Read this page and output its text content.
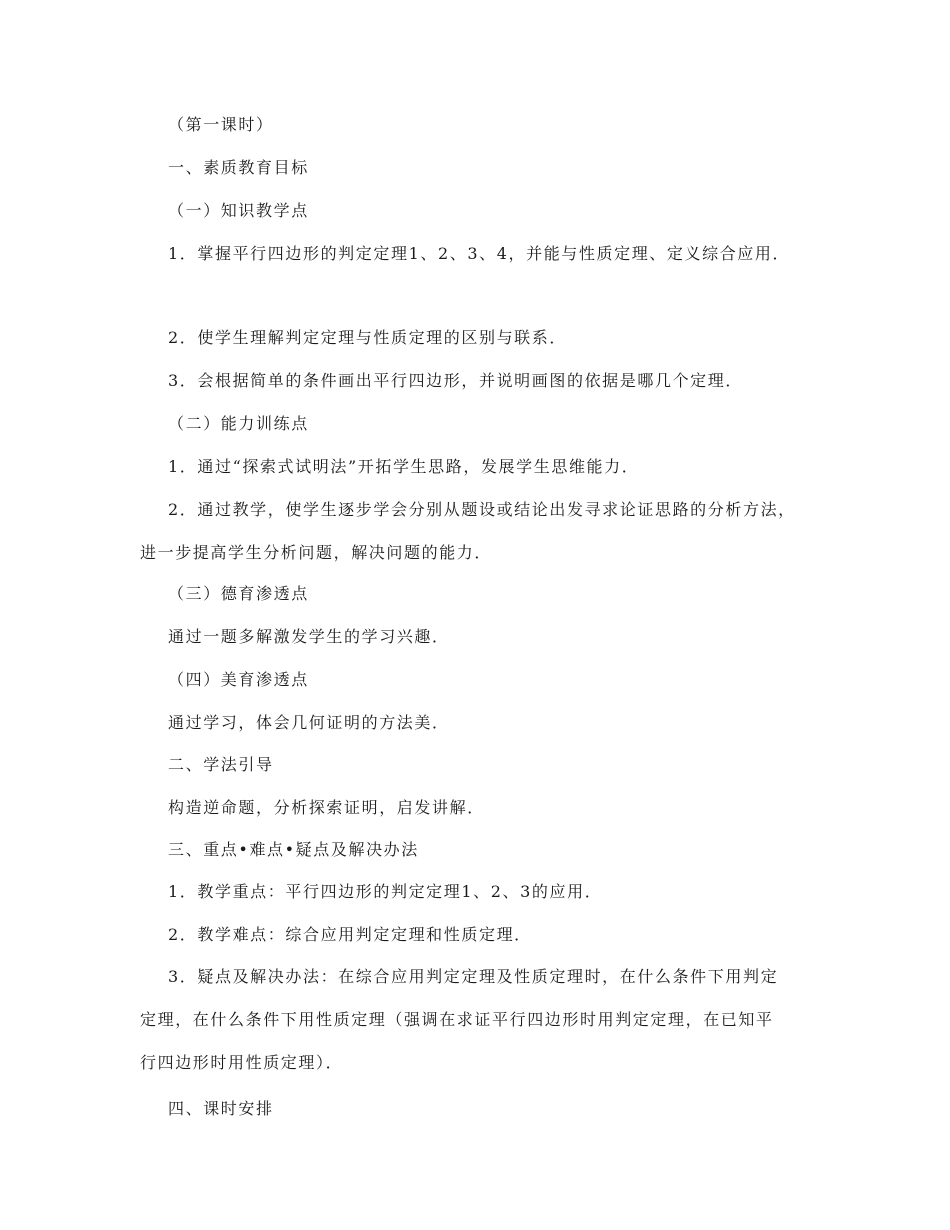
（第一课时）
一、素质教育目标
（一）知识教学点
1．掌握平行四边形的判定定理1、2、3、4，并能与性质定理、定义综合应用．
2．使学生理解判定定理与性质定理的区别与联系．
3．会根据简单的条件画出平行四边形，并说明画图的依据是哪几个定理．
（二）能力训练点
1．通过“探索式试明法”开拓学生思路，发展学生思维能力．
2．通过教学，使学生逐步学会分别从题设或结论出发寻求论证思路的分析方法，
进一步提高学生分析问题，解决问题的能力．
（三）德育渗透点
通过一题多解激发学生的学习兴趣．
（四）美育渗透点
通过学习，体会几何证明的方法美．
二、学法引导
构造逆命题，分析探索证明，启发讲解．
三、重点•难点•疑点及解决办法
1．教学重点：平行四边形的判定定理1、2、3的应用．
2．教学难点：综合应用判定定理和性质定理．
3．疑点及解决办法：在综合应用判定定理及性质定理时，在什么条件下用判定
定理，在什么条件下用性质定理（强调在求证平行四边形时用判定定理，在已知平
行四边形时用性质定理）．
四、课时安排
